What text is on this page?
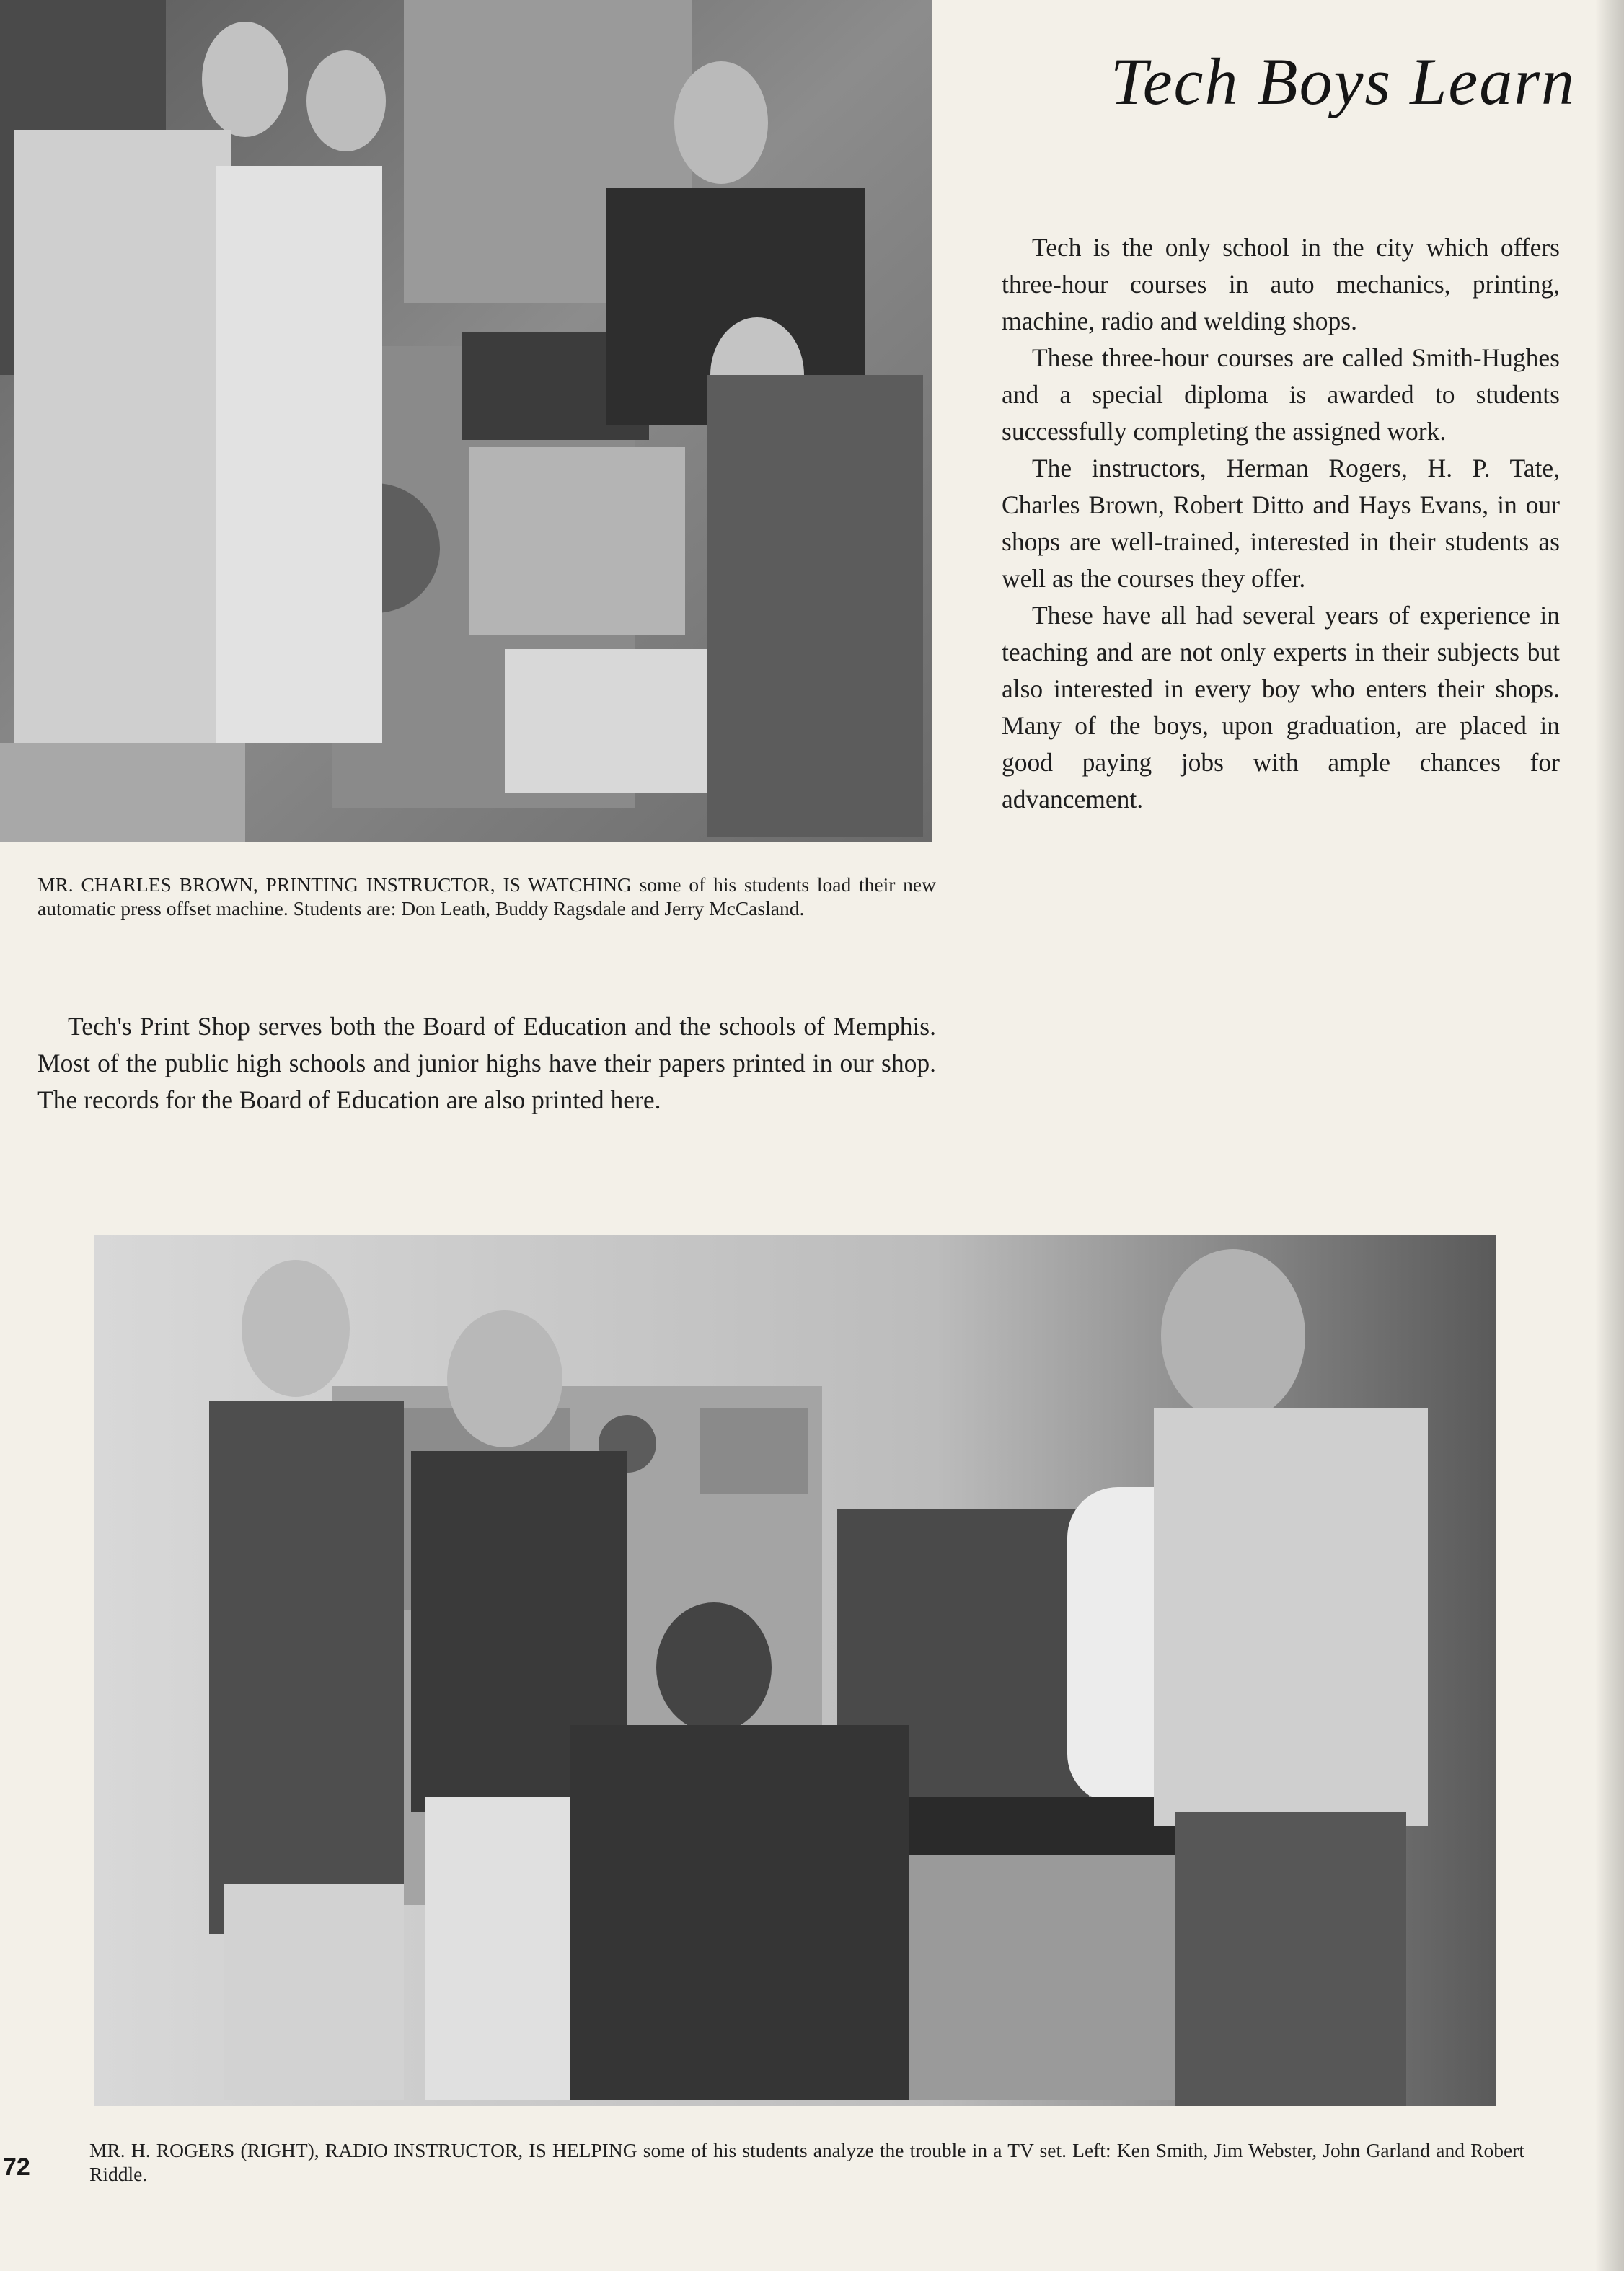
Tech Boys Learn

Tech is the only school in the city which offers three-hour courses in auto mechanics, printing, machine, radio and welding shops.

These three-hour courses are called Smith-Hughes and a special diploma is awarded to students successfully completing the assigned work.

The instructors, Herman Rogers, H. P. Tate, Charles Brown, Robert Ditto and Hays Evans, in our shops are well-trained, interested in their students as well as the courses they offer.

These have all had several years of experience in teaching and are not only experts in their subjects but also interested in every boy who enters their shops. Many of the boys, upon graduation, are placed in good paying jobs with ample chances for advancement.

MR. CHARLES BROWN, PRINTING INSTRUCTOR, IS WATCHING some of his students load their new automatic press offset machine. Students are: Don Leath, Buddy Ragsdale and Jerry McCasland.

Tech's Print Shop serves both the Board of Education and the schools of Memphis. Most of the public high schools and junior highs have their papers printed in our shop. The records for the Board of Education are also printed here.

MR. H. ROGERS (RIGHT), RADIO INSTRUCTOR, IS HELPING some of his students analyze the trouble in a TV set. Left: Ken Smith, Jim Webster, John Garland and Robert Riddle.
72
